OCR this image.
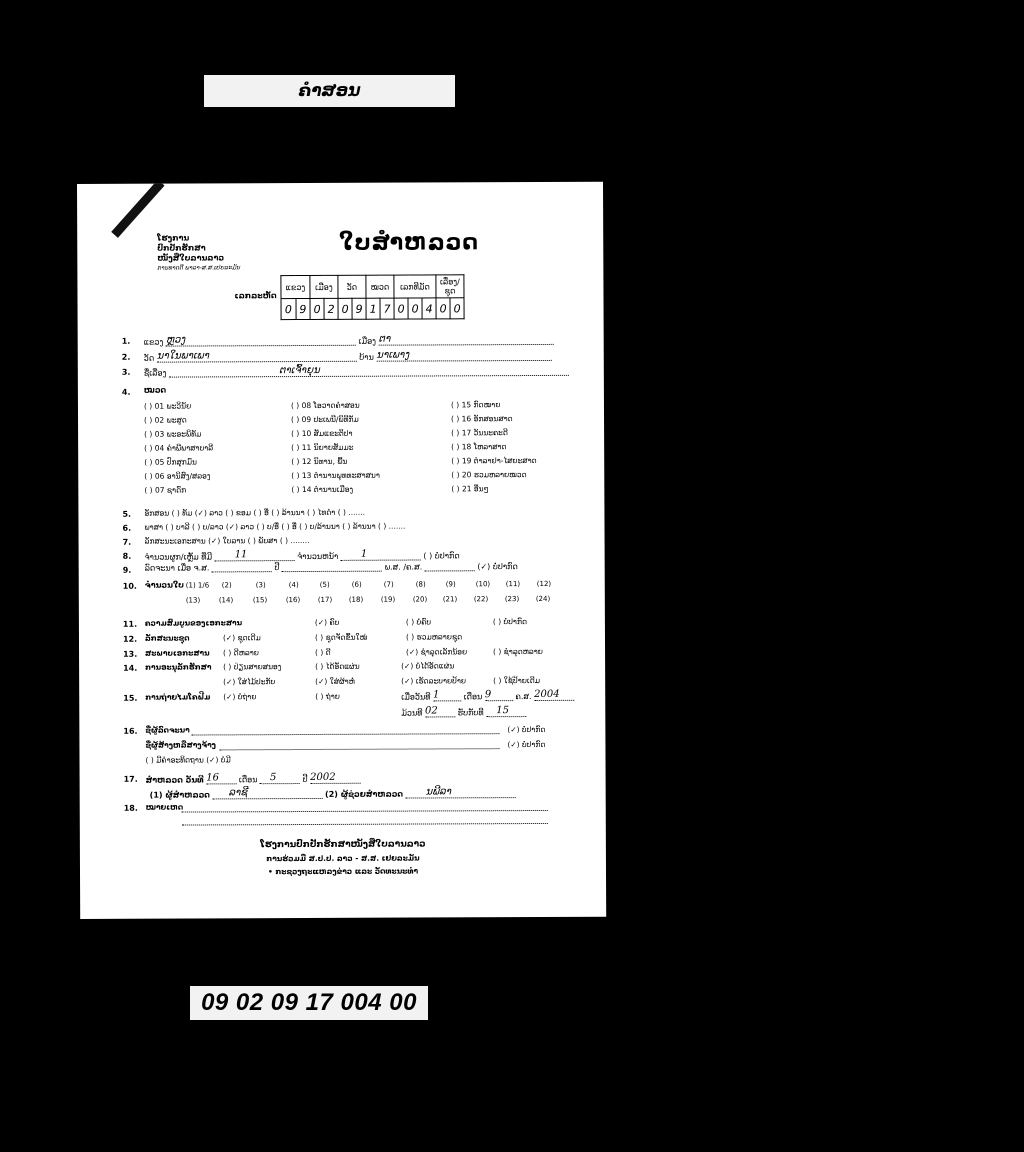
ຄຳສອນ
ໂຮງການ
ປົກປັກຮັກສາ
ໜັງສືໃບລານລາວ
ການທາດດີ ພາລາ-ສ.ສ.ເຢຍລະມັນ
ໃບສຳຫລວດ
ເລກລະຫັດ
ແຂວງ		ເມືອງ		ວັດ		ໝວດ		ເລກທີມັດ			ເລື່ອງ/ຊຸດ	
0	9	0	2	0	9	1	7	0	0	4	0	0
1. ແຂວງ ຫຼວງ	ເມືອງ ຕາ
2. ວັດ ນາໃນພາເພາ	ບ້ານ ນາເພາງ
3. ຊື່ເລື່ອງ	ຕາເຈົ້າຍຸນ
4. ໝວດ
( ) 01 ພະວິນັຍ
( ) 02 ພະສູດ
( ) 03 ພະອະພິທັມ
( ) 04 ຄຳພີພາສາບາລີ
( ) 05 ປົກສຸກມົນ
( ) 06 ອານິສົງ/ສລອງ
( ) 07 ຊາດົກ
( ) 08 ໂອວາດຄຳສອນ
( ) 09 ປະເພນີ/ພິທີກັມ
( ) 10 ສັມແຂະຕິປາ
( ) 11 ນິຍາຍສັມມະ
( ) 12 ນິທານ, ພື້ນ
( ) 13 ຕຳນານພຸທທະສາສນາ
( ) 14 ຕຳນານເມືອງ
( ) 15 ກົດໝາຍ
( ) 16 ອັກສອນສາດ
( ) 17 ວັນນະຄະດີ
( ) 18 ໂຫລາສາດ
( ) 19 ຕຳລາຢາ-ໄສຍະສາດ
( ) 20 ຮວມຫລາຍໝວດ
( ) 21 ອື່ນໆ
5. ອັກສອນ ( ) ທັມ (✓) ລາວ ( ) ຂອມ ( ) ອື່ ( ) ລ້ານນາ ( ) ໄທດຳ ( ) .......
6. ພາສາ ( ) ບາລີ ( ) ບ/ລາວ (✓) ລາວ ( ) ບ/ອື່ ( ) ອື່ ( ) ບ/ລ້ານນາ ( ) ລ້ານນາ ( ) .......
7. ລັກສະນະເອກະສານ (✓) ໃບລານ ( ) ພັບສາ ( ) ........
8. ຈຳນວນຜູກ/ເຫຼັ້ມ ທີ່ມີ 11	ຈຳນວນຫນ້າ 1	( ) ບໍ່ປາກົດ
9. ລົດຈະນາ ເມື່ອ ຈ.ສ.	ປີ	ພ.ສ. /ຄ.ສ.	(✓) ບໍ່ປາກົດ
10. ຈຳນວນໃບ (1) 1/6 (2)	(3)	(4)	(5)	(6)	(7)	(8)	(9)	(10) (11) (12)
(13)	(14)	(15)	(16)	(17) (18)	(19)	(20) (21) (22) (23) (24)
11. ຄວາມສົມບູນຂອງເອກະສານ	(✓) ຄົບ	( ) ບໍ່ຄົບ	( ) ບໍ່ປາກົດ
12. ລັກສະນະຊຸດ	(✓) ຊຸດເດີມ	( ) ຊຸດຈັດຂຶ້ນໃໝ່	( ) ຮວມຫລາຍຊຸດ
13. ສະພາບເອກະສານ ( ) ດີຫລາຍ	( ) ດີ	(✓) ຊຳລຸດເລັກນ້ອຍ	( ) ຊຳລຸດຫລາຍ
14. ການອະນຸລັກຮັກສາ ( ) ປ່ຽນສາຍສນອງ	( ) ໄດ້ອັດແຜ່ນ	(✓) ບໍ່ໄດ້ອັດແຜ່ນ
(✓) ໃສ່ໄມ້ປະກັບ	(✓) ໃສ່ຜ້າຫໍ່	(✓) ເຮັດລະບາຍປ້າຍ	( ) ໃຊ້ປ້າຍເດີມ
15. ການຖ່າຍໄມໂຄຟີມ (✓) ບໍ່ຖ່າຍ	( ) ຖ່າຍ	ເມື່ອວັນທີ 1	ເດືອນ 9	ຄ.ສ. 2004
ມ້ວນທີ 02 ຮັບກັບທີ 15
16. ຊື່ຜູ້ລົດຈະນາ	(✓) ບໍ່ປາກົດ
ຊື່ຜູ້ສ້າງຫລືສາງຈ້າງ	(✓) ບໍ່ປາກົດ
( ) ມີຄຳອະທິດຖານ (✓) ບໍ່ມີ
17. ສຳຫລວດ ວັນທີ 16 ເດືອນ 5	ປີ 2002
(1) ຜູ້ສຳຫລວດ ລາຊີ	(2) ຜູ້ຊ່ວຍສຳຫລວດ ນພີລາ
18. ໝາຍເຫດ
ໂຮງການປົກປັກຮັກສາໜັງສືໃບລານລາວ
ການຮ່ວມມື ສ.ປ.ປ. ລາວ - ສ.ສ. ເຢຍລະມັນ
• ກະຊວງຖະແຫລງຂ່າວ ແລະ ວັດທະນະທຳ
09 02 09 17 004 00
